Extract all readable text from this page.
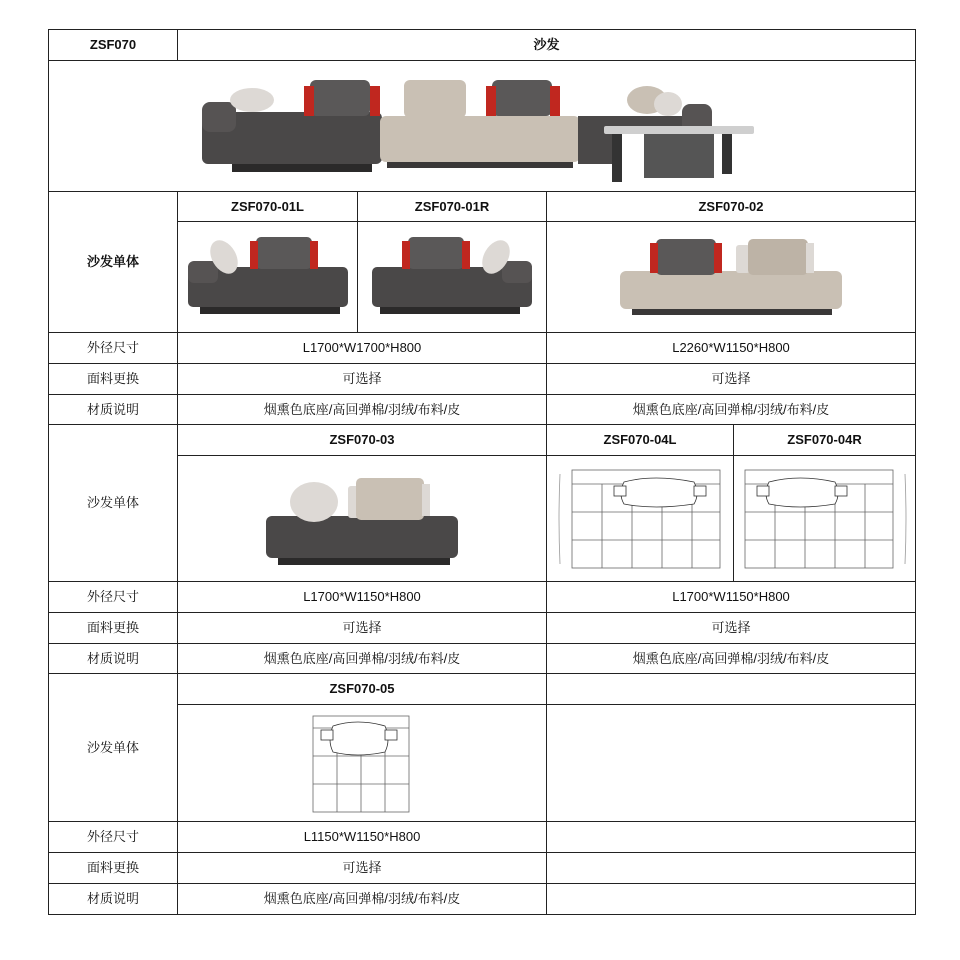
ZSF070	沙发			

沙发单体	ZSF070-01L	ZSF070-01R	ZSF070-02	

外径尺寸	L1700*W1700*H800		L2260*W1150*H800	
面料更换	可选择		可选择	
材质说明	烟熏色底座/高回弹棉/羽绒/布料/皮		烟熏色底座/高回弹棉/羽绒/布料/皮	
沙发单体	ZSF070-03		ZSF070-04L	ZSF070-04R

外径尺寸	L1700*W1150*H800		L1700*W1150*H800	
面料更换	可选择		可选择	
材质说明	烟熏色底座/高回弹棉/羽绒/布料/皮		烟熏色底座/高回弹棉/羽绒/布料/皮	
沙发单体	ZSF070-05			

外径尺寸	L1150*W1150*H800			
面料更换	可选择			
材质说明	烟熏色底座/高回弹棉/羽绒/布料/皮			
